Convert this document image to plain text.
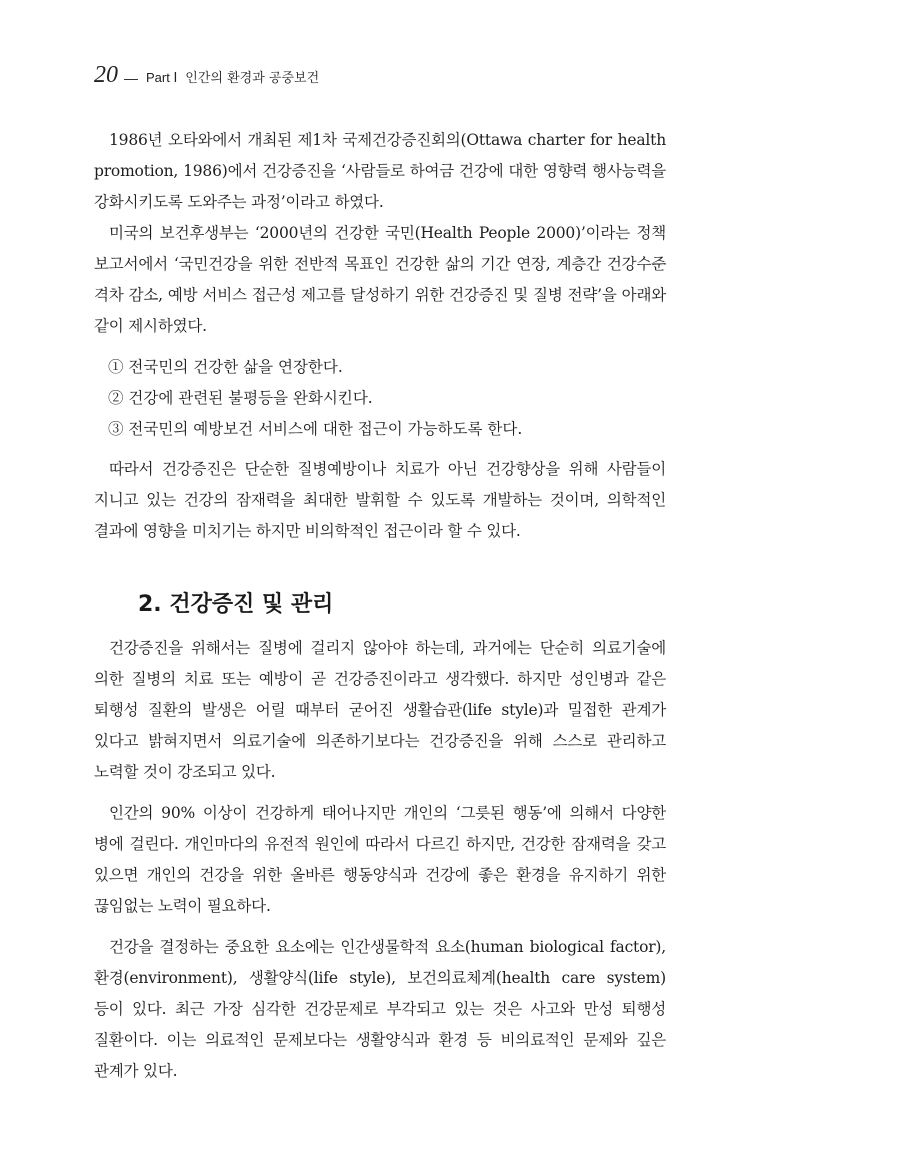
20 Part Ⅰ 인간의 환경과 공중보건

1986년 오타와에서 개최된 제1차 국제건강증진회의(Ottawa charter for health promotion, 1986)에서 건강증진을 ‘사람들로 하여금 건강에 대한 영향력 행사능력을 강화시키도록 도와주는 과정’이라고 하였다.

미국의 보건후생부는 ‘2000년의 건강한 국민(Health People 2000)’이라는 정책 보고서에서 ‘국민건강을 위한 전반적 목표인 건강한 삶의 기간 연장, 계층간 건강수준 격차 감소, 예방 서비스 접근성 제고를 달성하기 위한 건강증진 및 질병 전략’을 아래와 같이 제시하였다.

① 전국민의 건강한 삶을 연장한다.
② 건강에 관련된 불평등을 완화시킨다.
③ 전국민의 예방보건 서비스에 대한 접근이 가능하도록 한다.

따라서 건강증진은 단순한 질병예방이나 치료가 아닌 건강향상을 위해 사람들이 지니고 있는 건강의 잠재력을 최대한 발휘할 수 있도록 개발하는 것이며, 의학적인 결과에 영향을 미치기는 하지만 비의학적인 접근이라 할 수 있다.

2. 건강증진 및 관리

건강증진을 위해서는 질병에 걸리지 않아야 하는데, 과거에는 단순히 의료기술에 의한 질병의 치료 또는 예방이 곧 건강증진이라고 생각했다. 하지만 성인병과 같은 퇴행성 질환의 발생은 어릴 때부터 굳어진 생활습관(life style)과 밀접한 관계가 있다고 밝혀지면서 의료기술에 의존하기보다는 건강증진을 위해 스스로 관리하고 노력할 것이 강조되고 있다.

인간의 90% 이상이 건강하게 태어나지만 개인의 ‘그릇된 행동’에 의해서 다양한 병에 걸린다. 개인마다의 유전적 원인에 따라서 다르긴 하지만, 건강한 잠재력을 갖고 있으면 개인의 건강을 위한 올바른 행동양식과 건강에 좋은 환경을 유지하기 위한 끊임없는 노력이 필요하다.

건강을 결정하는 중요한 요소에는 인간생물학적 요소(human biological factor), 환경(environment), 생활양식(life style), 보건의료체계(health care system) 등이 있다. 최근 가장 심각한 건강문제로 부각되고 있는 것은 사고와 만성 퇴행성 질환이다. 이는 의료적인 문제보다는 생활양식과 환경 등 비의료적인 문제와 깊은 관계가 있다.
